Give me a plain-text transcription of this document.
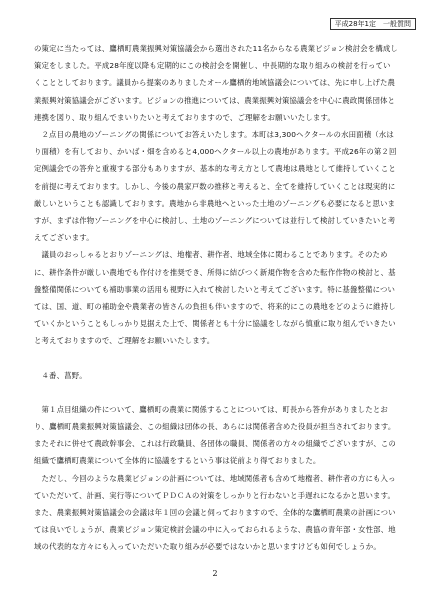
平成28年1定　一般質問

の策定に当たっては、鷹栖町農業振興対策協議会から選出された11名からなる農業ビジョン検討会を構成し策定をしました。平成28年度以降も定期的にこの検討会を開催し、中長期的な取り組みの検討を行っていくこととしております。議員から提案のありましたオール鷹栖的地域協議会については、先に申し上げた農業振興対策協議会がございます。ビジョンの推進については、農業振興対策協議会を中心に農政関係団体と連携を図り、取り組んでまいりたいと考えておりますので、ご理解をお願いいたします。

２点目の農地のゾーニングの関係についてお答えいたします。本町は3,300ヘクタールの水田面積（水はり面積）を有しており、かいば・畑を含めると4,000ヘクタール以上の農地があります。平成26年の第２回定例議会での答弁と重複する部分もありますが、基本的な考え方として農地は農地として維持していくことを前提に考えております。しかし、今後の農家戸数の推移と考えると、全てを維持していくことは現実的に厳しいということも認識しております。農地から非農地へといった土地のゾーニングも必要になると思いますが、まずは作物ゾーニングを中心に検討し、土地のゾーニングについては並行して検討していきたいと考えてございます。

議員のおっしゃるとおりゾーニングは、地権者、耕作者、地域全体に関わることであります。そのために、耕作条件が厳しい農地でも作付けを推奨でき、所得に結びつく新規作物を含めた転作作物の検討と、基盤整備関係についても補助事業の活用も視野に入れて検討したいと考えてございます。特に基盤整備については、国、道、町の補助金や農業者の皆さんの負担も伴いますので、将来的にこの農地をどのように維持していくかということもしっかり見据えた上で、関係者とも十分に協議をしながら慎重に取り組んでいきたいと考えておりますので、ご理解をお願いいたします。

４番、菖野。

第１点目組織の件について、鷹栖町の農業に関係することについては、町長から答弁がありましたとおり、鷹栖町農業振興対策協議会、この組織は団体の長、あらには関係者含めた役員が担当されております。またそれに併せて農政幹事会、これは行政職員、各団体の職員、関係者の方々の組織でございますが、この組織で鷹栖町農業について全体的に協議をするという事は従前より得ておりました。

ただし、今回のような農業ビジョンの計画については、地域関係者も含めて地権者、耕作者の方にも入っていただいて、計画、実行等についてＰＤＣＡの対策をしっかりと行わないと手遅れになるかと思います。　また、農業振興対策協議会の会議は年１回の会議と伺っておりますので、全体的な鷹栖町農業の計画については良いでしょうが、農業ビジョン策定検討会議の中に入っておられるような、農協の青年部・女性部、地域の代表的な方々にも入っていただいた取り組みが必要ではないかと思いますけども如何でしょうか。

2
